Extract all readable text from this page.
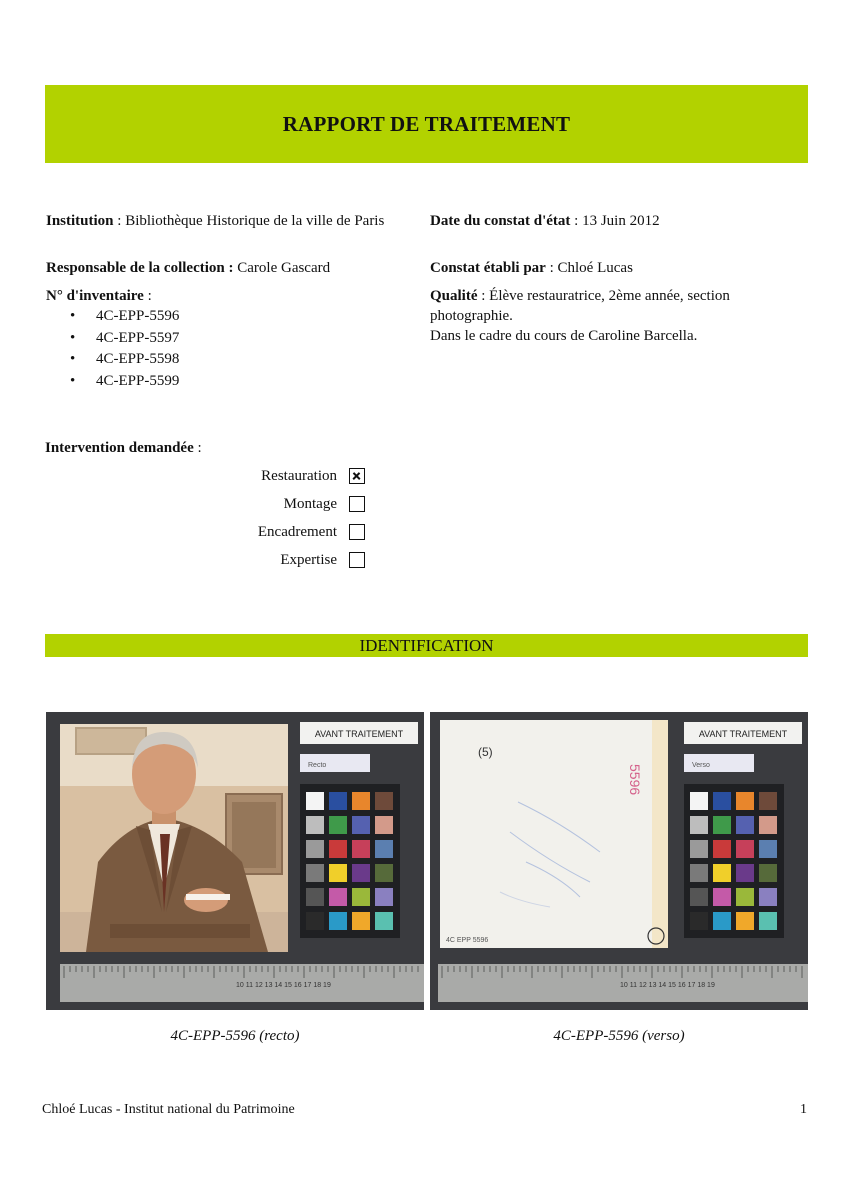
RAPPORT DE TRAITEMENT
Institution : Bibliothèque Historique de la ville de Paris
Responsable de la collection : Carole Gascard
N° d'inventaire :
• 4C-EPP-5596
• 4C-EPP-5597
• 4C-EPP-5598
• 4C-EPP-5599
Date du constat d'état : 13 Juin 2012
Constat établi par : Chloé Lucas
Qualité : Élève restauratrice, 2ème année, section photographie.
Dans le cadre du cours de Caroline Barcella.
Intervention demandée :
Restauration
Montage
Encadrement
Expertise
IDENTIFICATION
AVANT TRAITEMENT
Recto
10 11 12 13 14 15 16 17 18 19
4C-EPP-5596 (recto)
(5)
5596
4C EPP 5596
AVANT TRAITEMENT
Verso
10 11 12 13 14 15 16 17 18 19
4C-EPP-5596 (verso)
Chloé Lucas - Institut national du Patrimoine	1
